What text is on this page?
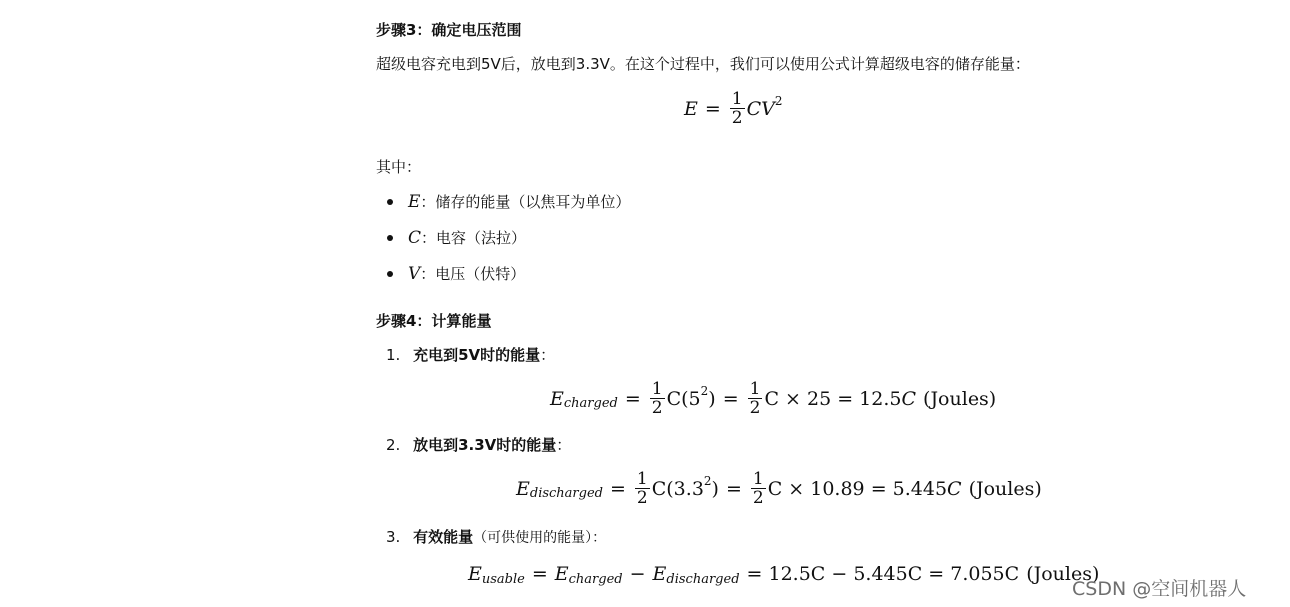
步骤3：确定电压范围
超级电容充电到5V后，放电到3.3V。在这个过程中，我们可以使用公式计算超级电容的储存能量：
$E = \frac{1}{2}$ CV 2
其中：
E：储存的能量（以焦耳为单位）
C：电容（法拉）
V：电压（伏特）
步骤4：计算能量
1. 充电到5V时的能量：
E charged = $\frac{1}{2} C(5$ 2 ) = $\frac{1}{2}$ C × 25 = 12.5 C (Joules)
2. 放电到3.3V时的能量：
E discharged = $\frac{1}{2} C(3.3$ 2 ) = $\frac{1}{2}$ C × 10.89 = 5.445 C (Joules)
3. 有效能量（可供使用的能量）：
E usable = E charged − E discharged = 12.5C − 5.445C = 7.055C (Joules)
CSDN @空间机器人
